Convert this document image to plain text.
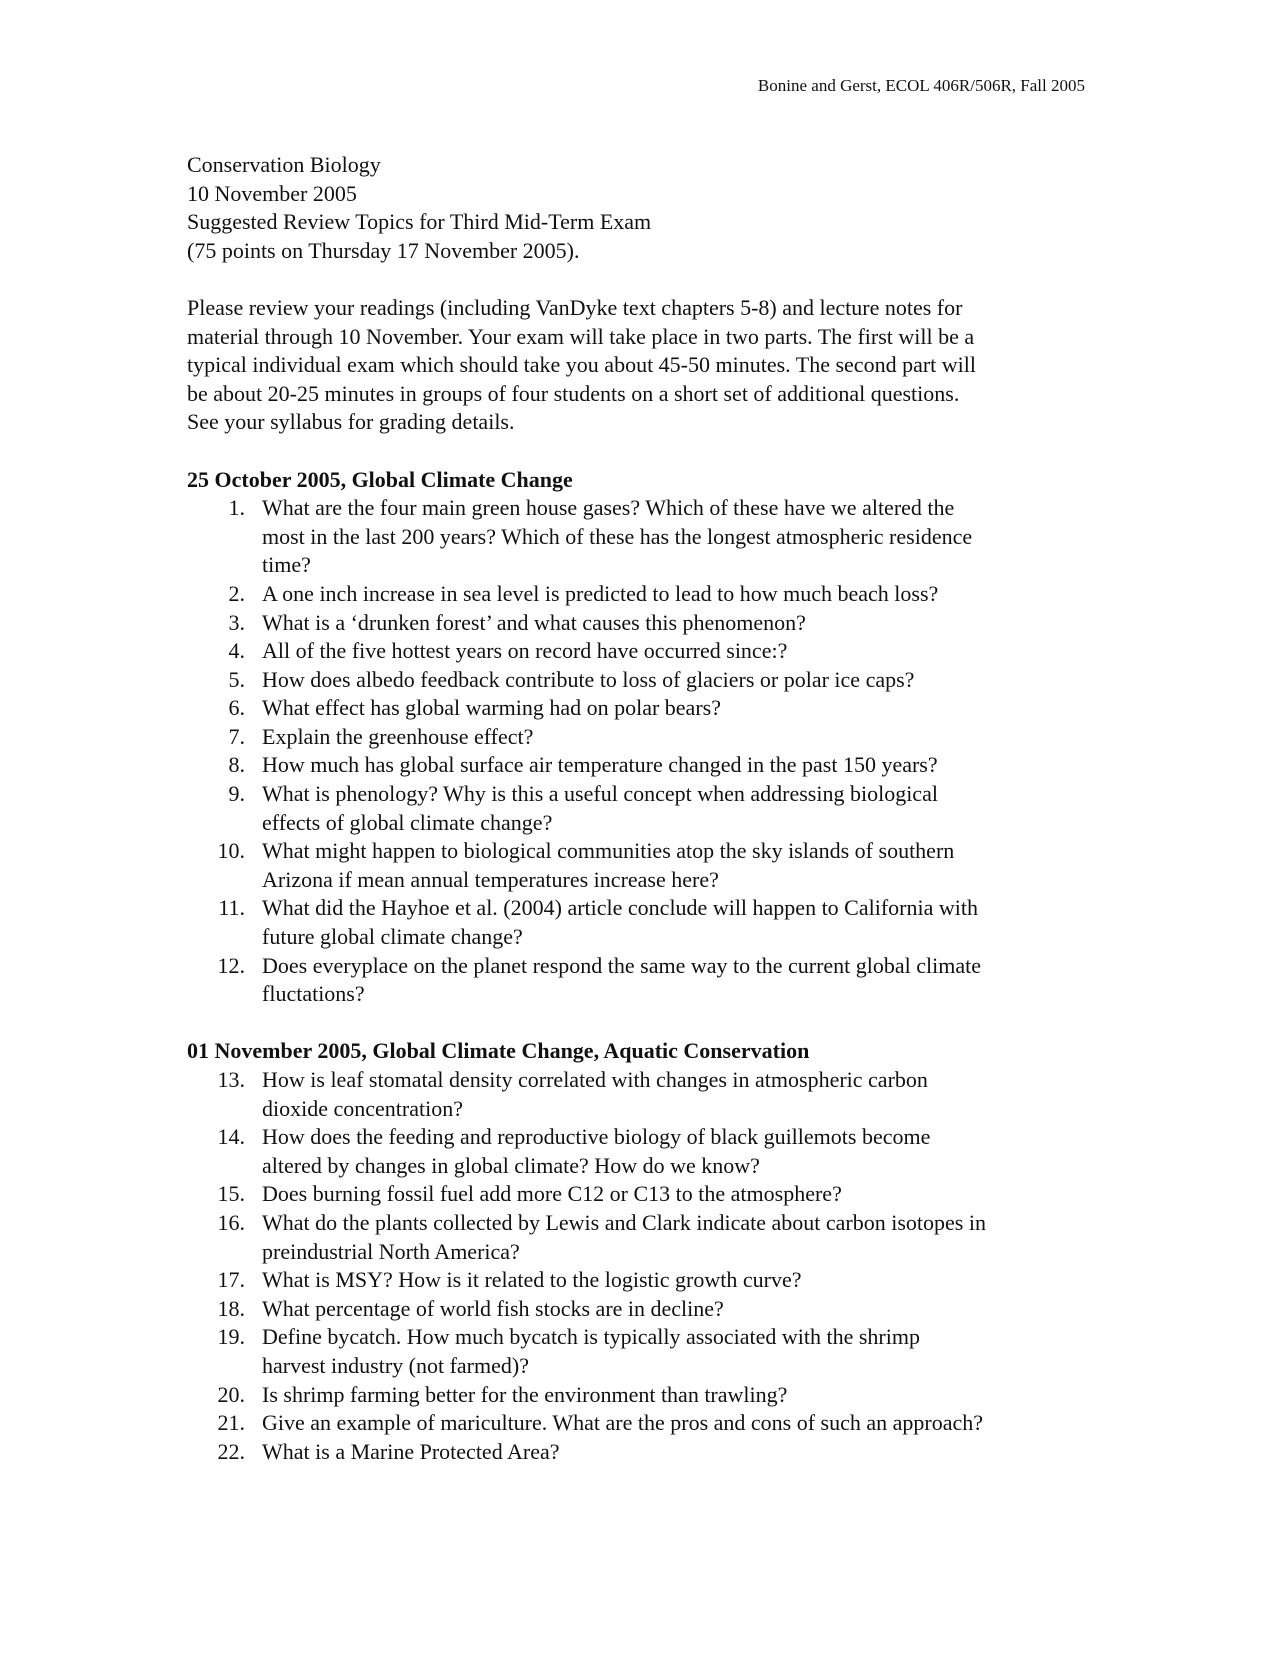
Bonine and Gerst, ECOL 406R/506R, Fall 2005

Conservation Biology

10 November 2005

Suggested Review Topics for Third Mid-Term Exam

(75 points on Thursday 17 November 2005).

Please review your readings (including VanDyke text chapters 5-8) and lecture notes for
material through 10 November. Your exam will take place in two parts. The first will be a
typical individual exam which should take you about 45-50 minutes. The second part will
be about 20-25 minutes in groups of four students on a short set of additional questions.
See your syllabus for grading details.

25 October 2005, Global Climate Change
1. What are the four main green house gases? Which of these have we altered the
most in the last 200 years? Which of these has the longest atmospheric residence
time?
2. A one inch increase in sea level is predicted to lead to how much beach loss?
3. What is a ‘drunken forest’ and what causes this phenomenon?
4. All of the five hottest years on record have occurred since:?
5. How does albedo feedback contribute to loss of glaciers or polar ice caps?
6. What effect has global warming had on polar bears?
7. Explain the greenhouse effect?
8. How much has global surface air temperature changed in the past 150 years?
9. What is phenology? Why is this a useful concept when addressing biological
effects of global climate change?
10. What might happen to biological communities atop the sky islands of southern
Arizona if mean annual temperatures increase here?
11. What did the Hayhoe et al. (2004) article conclude will happen to California with
future global climate change?
12. Does everyplace on the planet respond the same way to the current global climate
fluctations?
01 November 2005, Global Climate Change, Aquatic Conservation
13. How is leaf stomatal density correlated with changes in atmospheric carbon
dioxide concentration?
14. How does the feeding and reproductive biology of black guillemots become
altered by changes in global climate? How do we know?
15. Does burning fossil fuel add more C12 or C13 to the atmosphere?
16. What do the plants collected by Lewis and Clark indicate about carbon isotopes in
preindustrial North America?
17. What is MSY? How is it related to the logistic growth curve?
18. What percentage of world fish stocks are in decline?
19. Define bycatch. How much bycatch is typically associated with the shrimp
harvest industry (not farmed)?
20. Is shrimp farming better for the environment than trawling?
21. Give an example of mariculture. What are the pros and cons of such an approach?
22. What is a Marine Protected Area?
